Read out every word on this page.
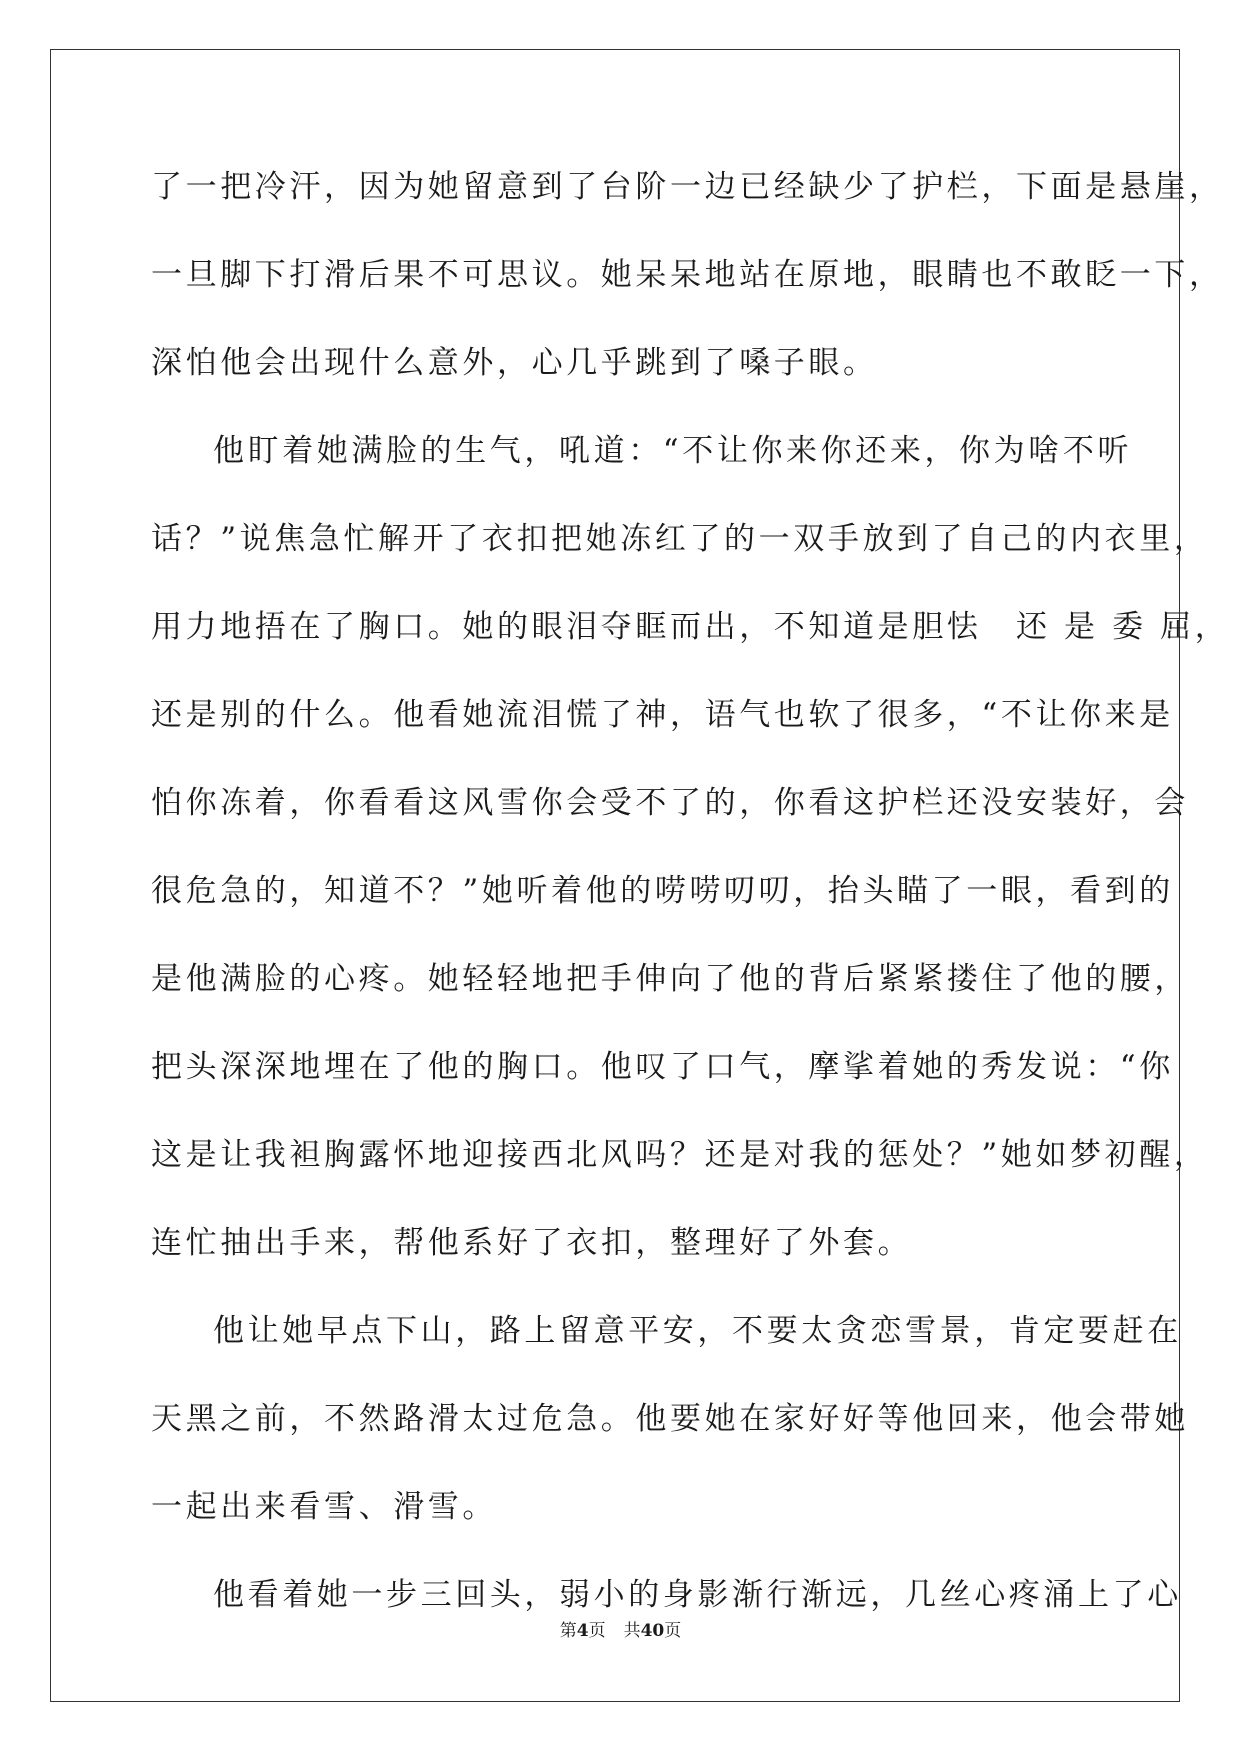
了一把冷汗，因为她留意到了台阶一边已经缺少了护栏，下面是悬崖，
一旦脚下打滑后果不可思议。她呆呆地站在原地，眼睛也不敢眨一下，
深怕他会出现什么意外，心几乎跳到了嗓子眼。
他盯着她满脸的生气，吼道：“不让你来你还来，你为啥不听
话？”说焦急忙解开了衣扣把她冻红了的一双手放到了自己的内衣里，
用力地捂在了胸口。她的眼泪夺眶而出，不知道是胆怯　还 是 委 屈，
还是别的什么。他看她流泪慌了神，语气也软了很多，“不让你来是
怕你冻着，你看看这风雪你会受不了的，你看这护栏还没安装好，会
很危急的，知道不？”她听着他的唠唠叨叨，抬头瞄了一眼，看到的
是他满脸的心疼。她轻轻地把手伸向了他的背后紧紧搂住了他的腰，
把头深深地埋在了他的胸口。他叹了口气，摩挲着她的秀发说：“你
这是让我袒胸露怀地迎接西北风吗？还是对我的惩处？”她如梦初醒，
连忙抽出手来，帮他系好了衣扣，整理好了外套。
他让她早点下山，路上留意平安，不要太贪恋雪景，肯定要赶在
天黑之前，不然路滑太过危急。他要她在家好好等他回来，他会带她
一起出来看雪、滑雪。
他看着她一步三回头，弱小的身影渐行渐远，几丝心疼涌上了心
第4页 共40页
